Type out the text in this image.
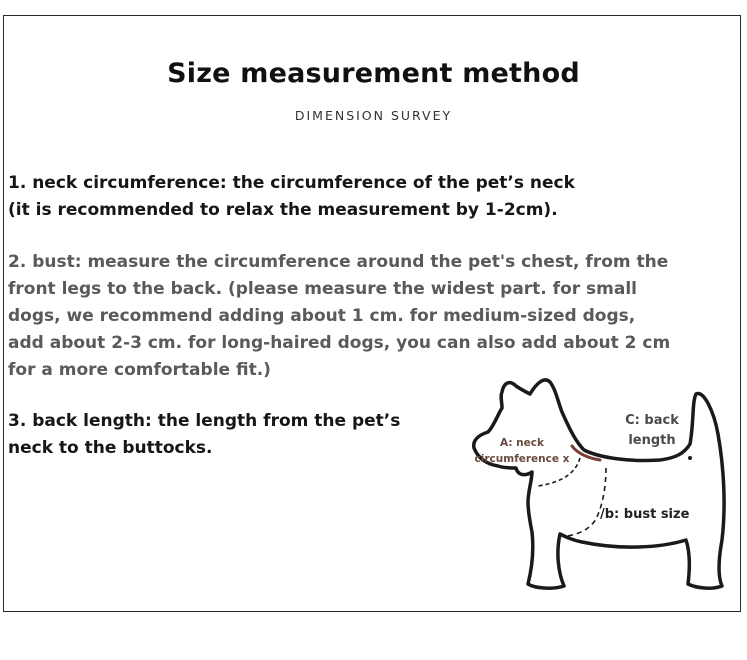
Size measurement method
DIMENSION SURVEY

1. neck circumference: the circumference of the pet’s neck
(it is recommended to relax the measurement by 1-2cm).

2. bust: measure the circumference around the pet's chest, from the
front legs to the back. (please measure the widest part. for small
dogs, we recommend adding about 1 cm. for medium-sized dogs,
add about 2-3 cm. for long-haired dogs, you can also add about 2 cm
for a more comfortable fit.)

3. back length: the length from the pet’s
neck to the buttocks.	A: neck
circumference x
C: back
length
/b: bust size
